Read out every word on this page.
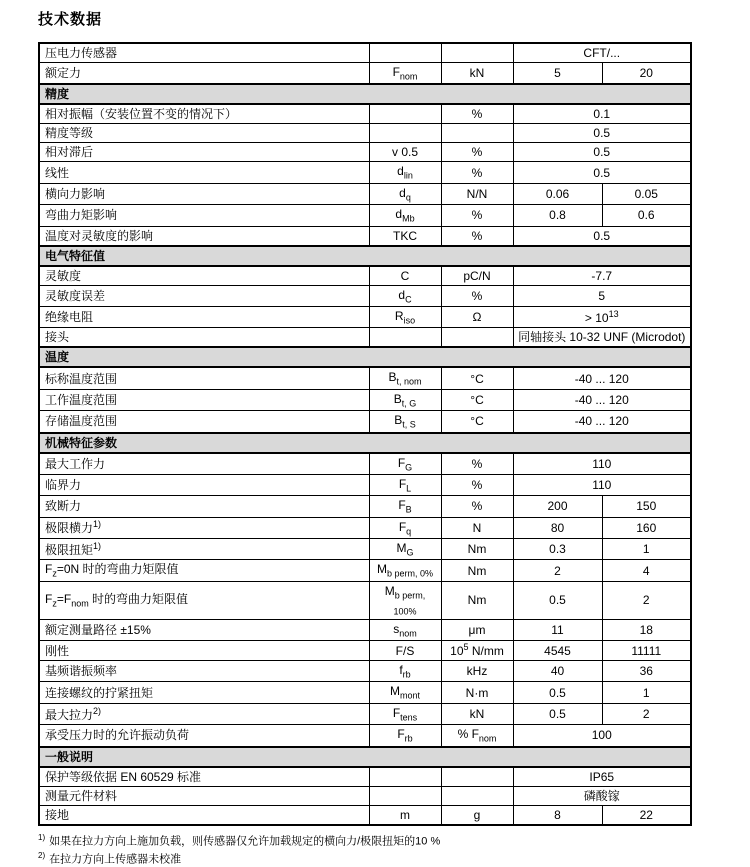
技术数据
压电力传感器			CFT/...	
额定力	$F_{nom}$	kN	5	20
精度				
相对振幅（安装位置不变的情况下）		%	0.1	
精度等级			0.5	
相对滞后	v 0.5	%	0.5	
线性	$d_{lin}$	%	0.5	
横向力影响	$d_q$	N/N	0.06	0.05
弯曲力矩影响	$d_{Mb}$	%	0.8	0.6
温度对灵敏度的影响	TKC	%	0.5	
电气特征值				
灵敏度	C	pC/N	-7.7	
灵敏度误差	$d_C$	%	5	
绝缘电阻	$R_{iso}$	Ω	> $10^{13}$
接头			同轴接头 10-32 UNF (Microdot)	
温度				
标称温度范围	$B_{t, nom}$	°C	-40 ... 120	
工作温度范围	$B_{t, G}$	°C	-40 ... 120	
存储温度范围	$B_{t, S}$	°C	-40 ... 120	
机械特征参数				
最大工作力	$F_G$	%	110	
临界力	$F_L$	%	110	
致断力	$F_B$	%	200	150
极限横力$^{1)}$	$F_q$	N	80	160
极限扭矩$^{1)}$	$M_G$	Nm	0.3	1
$F_z=0N$ 时的弯曲力矩限值	$M_{b perm, 0\%}$	Nm	2	4
$F_z=F_{nom}$ 时的弯曲力矩限值	$M_{b perm, 100\%}$	Nm	0.5	2
额定测量路径 ±15%	$s_{nom}$	μm	11	18
刚性	F/S	$10^5$ N/mm	4545	11111
基频谐振频率	$f_{rb}$	kHz	40	36
连接螺纹的拧紧扭矩	$M_{mont}$	N·m	0.5	1
最大拉力$^{2)}$	$F_{tens}$	kN	0.5	2
承受压力时的允许振动负荷	$F_{rb}$	% $F_{nom}$	100	
一般说明				
保护等级依据 EN 60529 标准			IP65	
测量元件材料			磷酸镓	
接地	m	g	8	22
$^{1)}$ 如果在拉力方向上施加负载，则传感器仅允许加载规定的横向力/极限扭矩的10 %
$^{2)}$ 在拉力方向上传感器未校准
